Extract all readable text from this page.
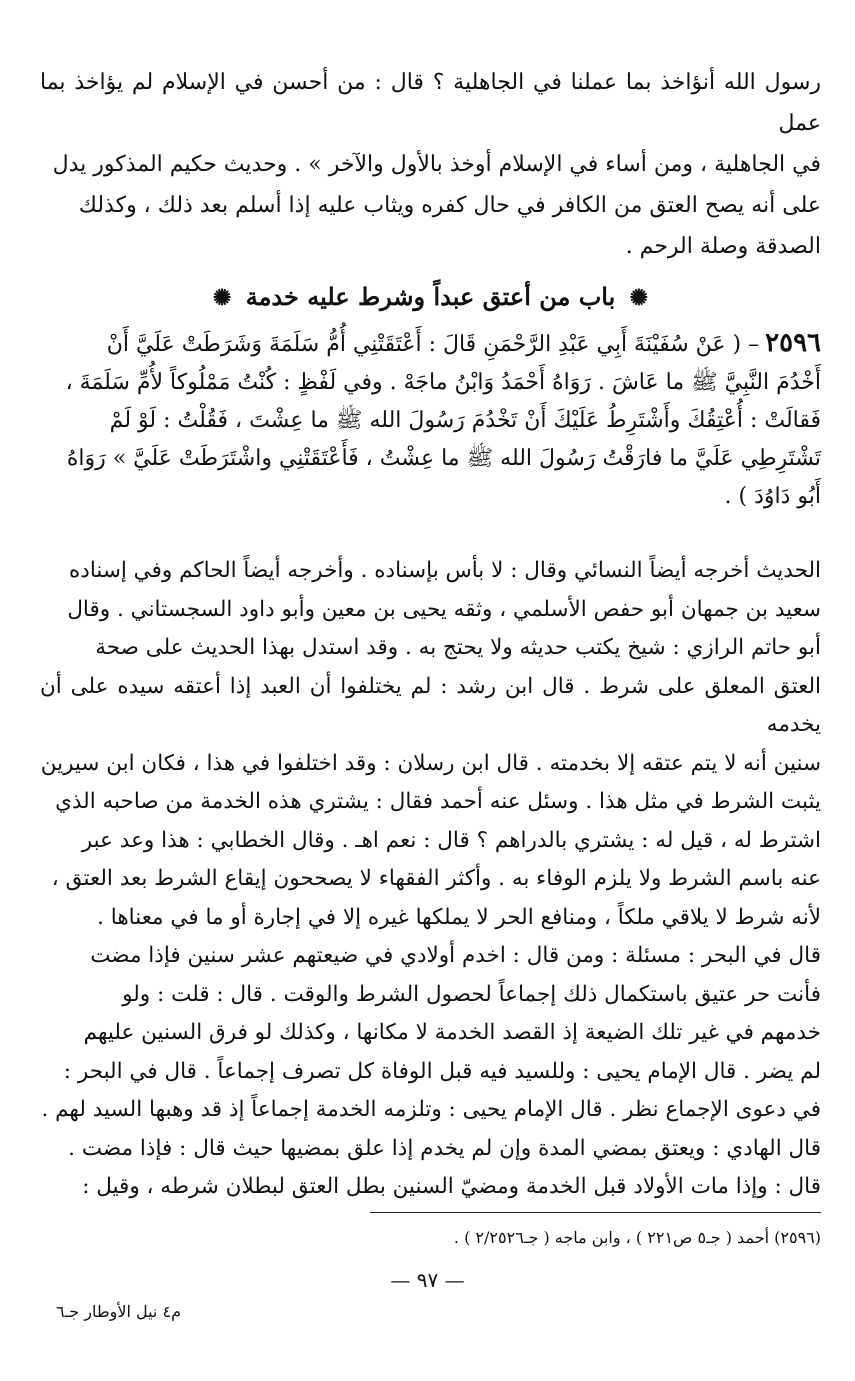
رسول الله أنؤاخذ بما عملنا في الجاهلية ؟ قال : من أحسن في الإسلام لم يؤاخذ بما عمل
في الجاهلية ، ومن أساء في الإسلام أوخذ بالأول والآخر » . وحديث حكيم المذكور يدل
على أنه يصح العتق من الكافر في حال كفره ويثاب عليه إذا أسلم بعد ذلك ، وكذلك
الصدقة وصلة الرحم .

✺ باب من أعتق عبداً وشرط عليه خدمة ✺

٢٥٩٦– ( عَنْ سُفَيْنَةَ أَبِي عَبْدِ الرَّحْمَنِ قَالَ : أَعْتَقَتْنِي أُمُّ سَلَمَةَ وَشَرَطَتْ عَلَيَّ أَنْ
أَخْدُمَ النَّبِيَّ ﷺ ما عَاشَ . رَوَاهُ أَحْمَدُ وَابْنُ ماجَهْ . وفي لَفْظٍ : كُنْتُ مَمْلُوكاً لأُمِّ سَلَمَةَ ،
فَقالَتْ : أُعْتِقُكَ وأَشْتَرِطُ عَلَيْكَ أَنْ تَخْدُمَ رَسُولَ الله ﷺ ما عِشْتَ ، فَقُلْتُ : لَوْ لَمْ
تَشْتَرِطِي عَلَيَّ ما فارَقْتُ رَسُولَ الله ﷺ ما عِشْتُ ، فَأَعْتَقَتْنِي واشْتَرَطَتْ عَلَيَّ » رَوَاهُ
أَبُو دَاوُدَ ) .

الحديث أخرجه أيضاً النسائي وقال : لا بأس بإسناده . وأخرجه أيضاً الحاكم وفي إسناده
سعيد بن جمهان أبو حفص الأسلمي ، وثقه يحيى بن معين وأبو داود السجستاني . وقال
أبو حاتم الرازي : شيخ يكتب حديثه ولا يحتج به . وقد استدل بهذا الحديث على صحة
العتق المعلق على شرط . قال ابن رشد : لم يختلفوا أن العبد إذا أعتقه سيده على أن يخدمه
سنين أنه لا يتم عتقه إلا بخدمته . قال ابن رسلان : وقد اختلفوا في هذا ، فكان ابن سيرين
يثبت الشرط في مثل هذا . وسئل عنه أحمد فقال : يشتري هذه الخدمة من صاحبه الذي
اشترط له ، قيل له : يشتري بالدراهم ؟ قال : نعم اهـ . وقال الخطابي : هذا وعد عبر
عنه باسم الشرط ولا يلزم الوفاء به . وأكثر الفقهاء لا يصححون إيقاع الشرط بعد العتق ،
لأنه شرط لا يلاقي ملكاً ، ومنافع الحر لا يملكها غيره إلا في إجارة أو ما في معناها .
قال في البحر : مسئلة : ومن قال : اخدم أولادي في ضيعتهم عشر سنين فإذا مضت
فأنت حر عتيق باستكمال ذلك إجماعاً لحصول الشرط والوقت . قال : قلت : ولو
خدمهم في غير تلك الضيعة إذ القصد الخدمة لا مكانها ، وكذلك لو فرق السنين عليهم
لم يضر . قال الإمام يحيى : وللسيد فيه قبل الوفاة كل تصرف إجماعاً . قال في البحر :
في دعوى الإجماع نظر . قال الإمام يحيى : وتلزمه الخدمة إجماعاً إذ قد وهبها السيد لهم .
قال الهادي : ويعتق بمضي المدة وإن لم يخدم إذا علق بمضيها حيث قال : فإذا مضت .
قال : وإذا مات الأولاد قبل الخدمة ومضيّ السنين بطل العتق لبطلان شرطه ، وقيل :

(٢٥٩٦) أحمد ( جـ٥ ص٢٢١ ) ، وابن ماجه ( جـ٢/٢٥٢٦ ) .
— ٩٧ —
م٤ نيل الأوطار جـ٦
